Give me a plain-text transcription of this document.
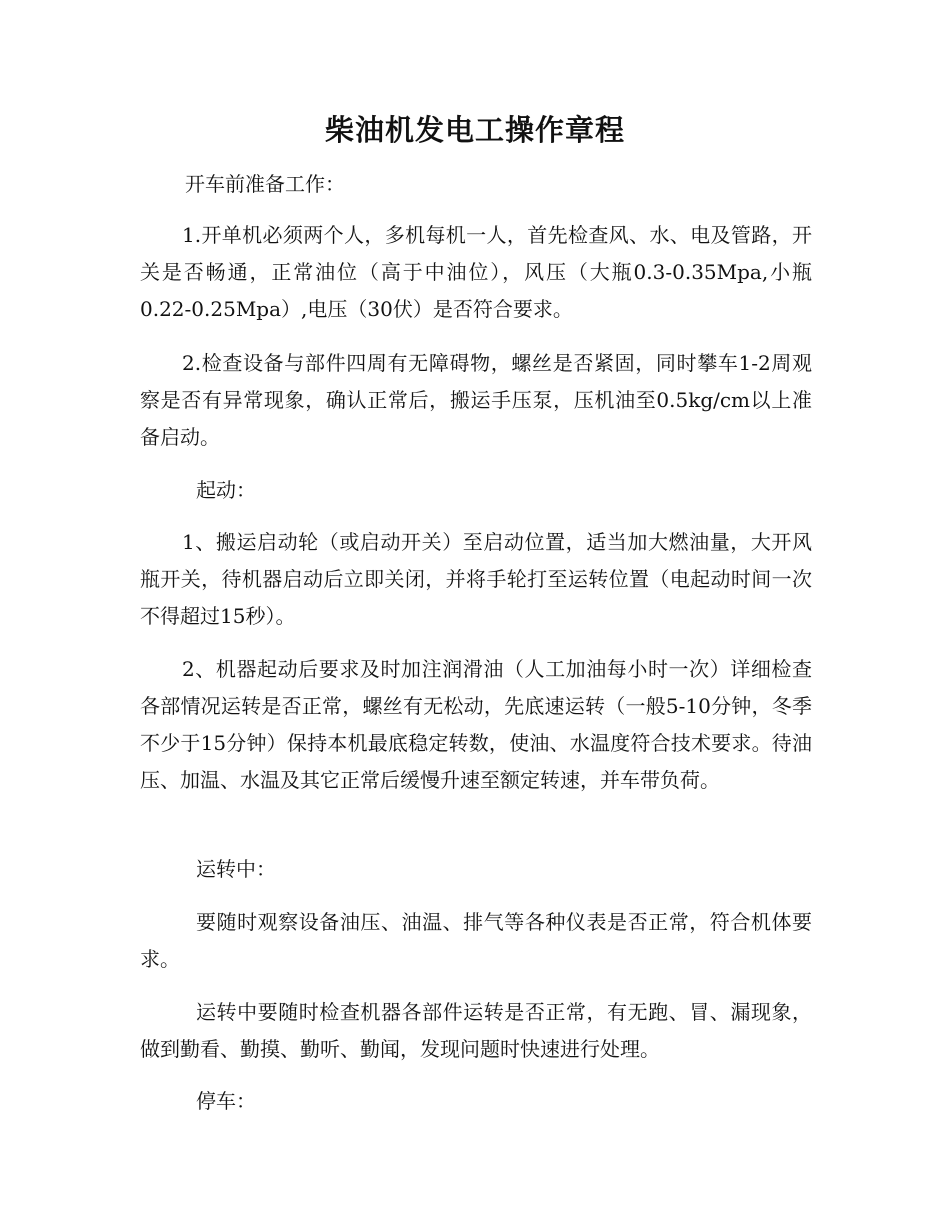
柴油机发电工操作章程

开车前准备工作：

1.开单机必须两个人，多机每机一人，首先检查风、水、电及管路，开关是否畅通，正常油位（高于中油位），风压（大瓶0.3-0.35Mpa,小瓶0.22-0.25Mpa）,电压（30伏）是否符合要求。

2.检查设备与部件四周有无障碍物，螺丝是否紧固，同时攀车1-2周观察是否有异常现象，确认正常后，搬运手压泵，压机油至0.5kg/cm以上准备启动。

起动：

1、搬运启动轮（或启动开关）至启动位置，适当加大燃油量，大开风瓶开关，待机器启动后立即关闭，并将手轮打至运转位置（电起动时间一次不得超过15秒）。

2、机器起动后要求及时加注润滑油（人工加油每小时一次）详细检查各部情况运转是否正常，螺丝有无松动，先底速运转（一般5-10分钟，冬季不少于15分钟）保持本机最底稳定转数，使油、水温度符合技术要求。待油压、加温、水温及其它正常后缓慢升速至额定转速，并车带负荷。

运转中：

要随时观察设备油压、油温、排气等各种仪表是否正常，符合机体要求。

运转中要随时检查机器各部件运转是否正常，有无跑、冒、漏现象，做到勤看、勤摸、勤听、勤闻，发现问题时快速进行处理。

停车：
